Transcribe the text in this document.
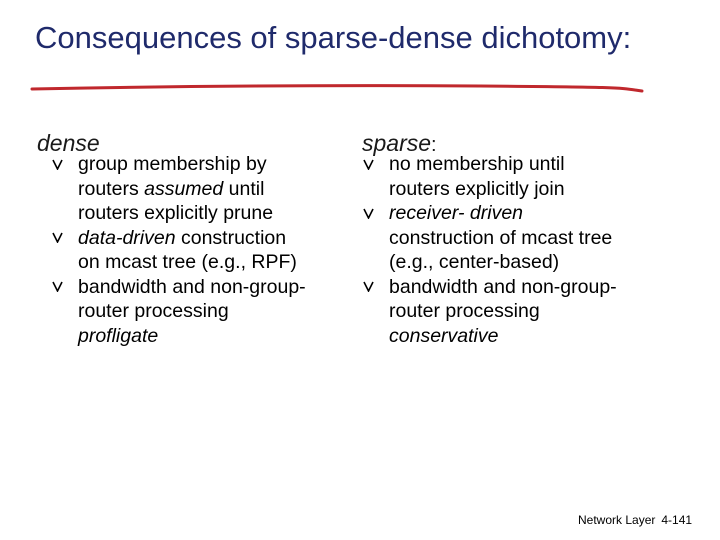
Consequences of sparse-dense dichotomy:
dense	sparse:
group membership by
routers assumed until
routers explicitly prune
data-driven construction
on mcast tree (e.g., RPF)
bandwidth and non-group-
router processing
profligate
no membership until
routers explicitly join
receiver- driven
construction of mcast tree
(e.g., center-based)
bandwidth and non-group-
router processing
conservative
Network Layer 4-141
